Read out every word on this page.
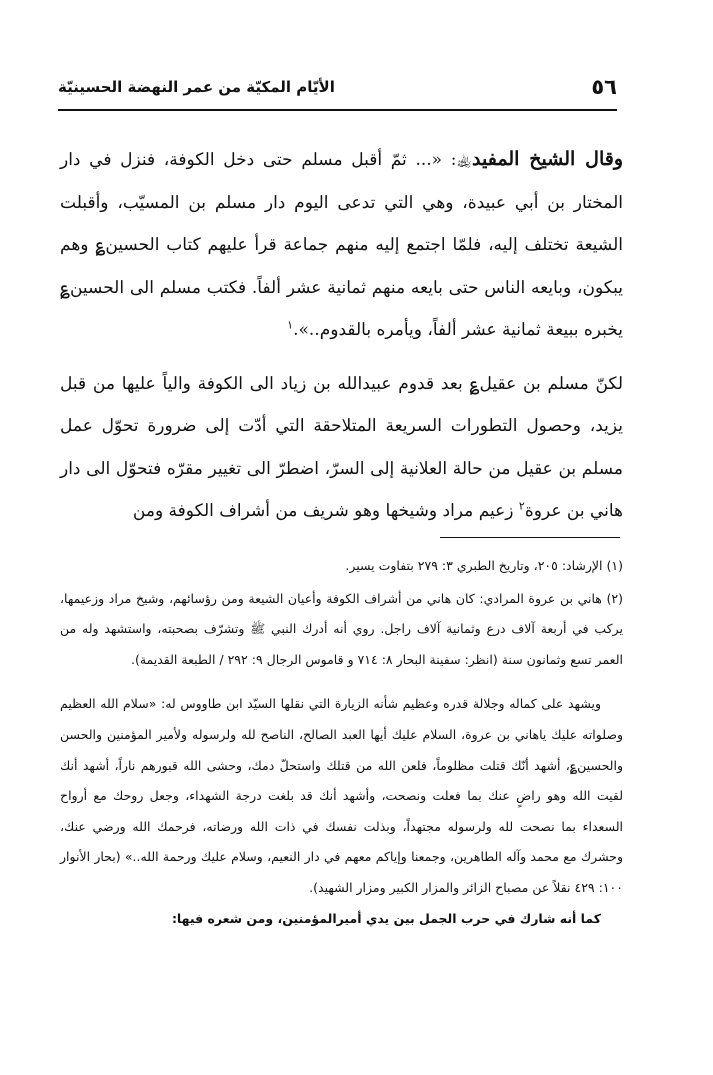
٥٦
الأيّام المكيّة من عمر النهضة الحسينيّة

وقال الشيخ المفيد﵀: «... ثمّ أقبل مسلم حتى دخل الكوفة، فنزل في دار المختار بن أبي عبيدة، وهي التي تدعى اليوم دار مسلم بن المسيّب، وأقبلت الشيعة تختلف إليه، فلمّا اجتمع إليه منهم جماعة قرأ عليهم كتاب الحسين؏ وهم يبكون، وبايعه الناس حتى بايعه منهم ثمانية عشر ألفاً. فكتب مسلم الى الحسين؏ يخبره ببيعة ثمانية عشر ألفاً، ويأمره بالقدوم..».$^١$

لكنّ مسلم بن عقيل؏ بعد قدوم عبيدالله بن زياد الى الكوفة والياً عليها من قبل يزيد، وحصول التطورات السريعة المتلاحقة التي أدّت إلى ضرورة تحوّل عمل مسلم بن عقيل من حالة العلانية إلى السرّ، اضطرّ الى تغيير مقرّه فتحوّل الى دار هاني بن عروة$^٢$ زعيم مراد وشيخها وهو شريف من أشراف الكوفة ومن

(١) الإرشاد: ٢٠٥، وتاريخ الطبري ٣: ٢٧٩ بتفاوت يسير.

(٢) هاني بن عروة المرادي: كان هاني من أشراف الكوفة وأعيان الشيعة ومن رؤسائهم، وشيخ مراد وزعيمها، يركب في أربعة آلاف درع وثمانية آلاف راجل. روي أنه أدرك النبي ﷺ وتشرّف بصحبته، واستشهد وله من العمر تسع وثمانون سنة (انظر: سفينة البحار ٨: ٧١٤ و قاموس الرجال ٩: ٢٩٢ / الطبعة القديمة).

ويشهد على كماله وجلالة قدره وعظيم شأنه الزيارة التي نقلها السيّد ابن طاووس له: «سلام الله العظيم وصلواته عليك ياهاني بن عروة، السلام عليك أيها العبد الصالح، الناصح لله ولرسوله ولأمير المؤمنين والحسن والحسين؏، أشهد أنّك قتلت مظلوماً، فلعن الله من قتلك واستحلّ دمك، وحشى الله قبورهم ناراً، أشهد أنك لقيت الله وهو راضٍ عنك بما فعلت ونصحت، وأشهد أنك قد بلغت درجة الشهداء، وجعل روحك مع أرواح السعداء بما نصحت لله ولرسوله مجتهداً، وبذلت نفسك في ذات الله ورضاته، فرحمك الله ورضي عنك، وحشرك مع محمد وآله الطاهرين، وجمعنا وإياكم معهم في دار النعيم، وسلام عليك ورحمة الله..» (بحار الأنوار ١٠٠: ٤٢٩ نقلاً عن مصباح الزائر والمزار الكبير ومزار الشهيد).

كما أنه شارك في حرب الجمل بين يدي أميرالمؤمنين، ومن شعره فيها:
